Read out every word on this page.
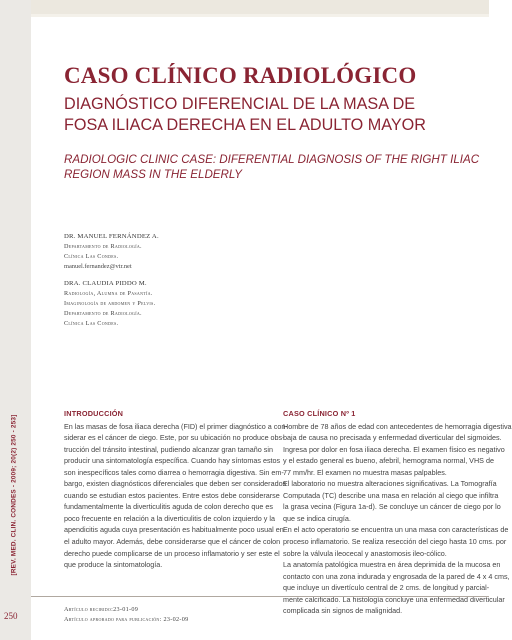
CASO CLÍNICO RADIOLÓGICO
DIAGNÓSTICO DIFERENCIAL DE LA MASA DE
FOSA ILIACA DERECHA EN EL ADULTO MAYOR
RADIOLOGIC CLINIC CASE: DIFERENTIAL DIAGNOSIS OF THE RIGHT ILIAC
REGION MASS IN THE ELDERLY
DR. MANUEL FERNÁNDEZ A.
Departamento de Radiología.
Clínica Las Condes.
manuel.fernandez@vtr.net
DRA. CLAUDIA PIDDO M.
Radiología, Alumna de Pasantía.
Imaginología de abdomen y Pelvis.
Departamento de Radiología.
Clínica Las Condes.
[REV. MED. CLIN. CONDES - 2009; 20(2) 250 - 253]
INTRODUCCIÓN

En las masas de fosa iliaca derecha (FID) el primer diagnóstico a con-
siderar es el cáncer de ciego. Este, por su ubicación no produce obs-
trucción del tránsito intestinal, pudiendo alcanzar gran tamaño sin
producir una sintomatología específica. Cuando hay síntomas estos
son inespecíficos tales como diarrea o hemorragia digestiva. Sin em-
bargo, existen diagnósticos diferenciales que deben ser considerados
cuando se estudian estos pacientes. Entre estos debe considerarse
fundamentalmente la diverticulitis aguda de colon derecho que es
poco frecuente en relación a la diverticulitis de colon izquierdo y la
apendicitis aguda cuya presentación es habitualmente poco usual en
el adulto mayor. Además, debe considerarse que el cáncer de colon
derecho puede complicarse de un proceso inflamatorio y ser este el
que produce la sintomatología.

CASO CLÍNICO Nº 1

Hombre de 78 años de edad con antecedentes de hemorragia digestiva
baja de causa no precisada y enfermedad diverticular del sigmoides.
Ingresa por dolor en fosa iliaca derecha. El examen físico es negativo
y el estado general es bueno, afebril, hemograma normal, VHS de
77 mm/hr. El examen no muestra masas palpables.
El laboratorio no muestra alteraciones significativas. La Tomografía
Computada (TC) describe una masa en relación al ciego que infiltra
la grasa vecina (Figura 1a-d). Se concluye un cáncer de ciego por lo
que se indica cirugía.
En el acto operatorio se encuentra un una masa con características de
proceso inflamatorio. Se realiza resección del ciego hasta 10 cms. por
sobre la válvula ileocecal y anastomosis ileo-cólico.
La anatomía patológica muestra en área deprimida de la mucosa en
contacto con una zona indurada y engrosada de la pared de 4 x 4 cms,
que incluye un divertículo central de 2 cms. de longitud y parcial-
mente calcificado. La histología concluye una enfermedad diverticular
complicada sin signos de malignidad.

250
Artículo recibido:23-01-09
Artículo aprobado para publicación: 23-02-09
